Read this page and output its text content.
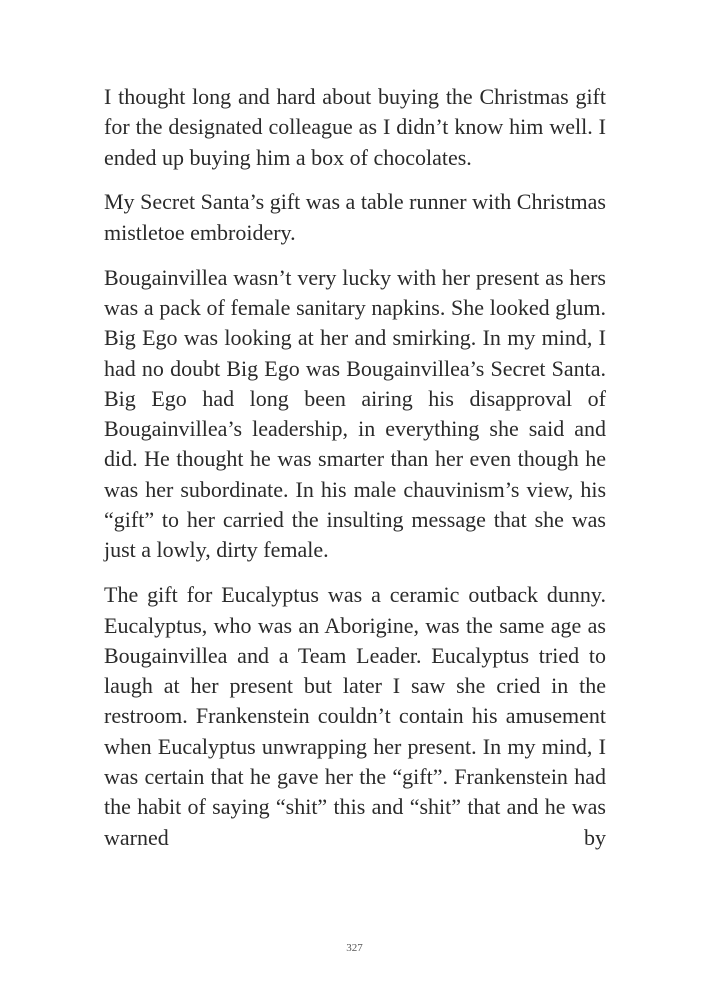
I thought long and hard about buying the Christmas gift for the designated colleague as I didn’t know him well. I ended up buying him a box of chocolates.

My Secret Santa’s gift was a table runner with Christmas mistletoe embroidery.

Bougainvillea wasn’t very lucky with her present as hers was a pack of female sanitary napkins. She looked glum. Big Ego was looking at her and smirking. In my mind, I had no doubt Big Ego was Bougainvillea’s Secret Santa. Big Ego had long been airing his disapproval of Bougainvillea’s leadership, in everything she said and did. He thought he was smarter than her even though he was her subordinate. In his male chauvinism’s view, his “gift” to her carried the insulting message that she was just a lowly, dirty female.

The gift for Eucalyptus was a ceramic outback dunny. Eucalyptus, who was an Aborigine, was the same age as Bougainvillea and a Team Leader. Eucalyptus tried to laugh at her present but later I saw she cried in the restroom. Frankenstein couldn’t contain his amusement when Eucalyptus unwrapping her present. In my mind, I was certain that he gave her the “gift”. Frankenstein had the habit of saying “shit” this and “shit” that and he was warned by

327
